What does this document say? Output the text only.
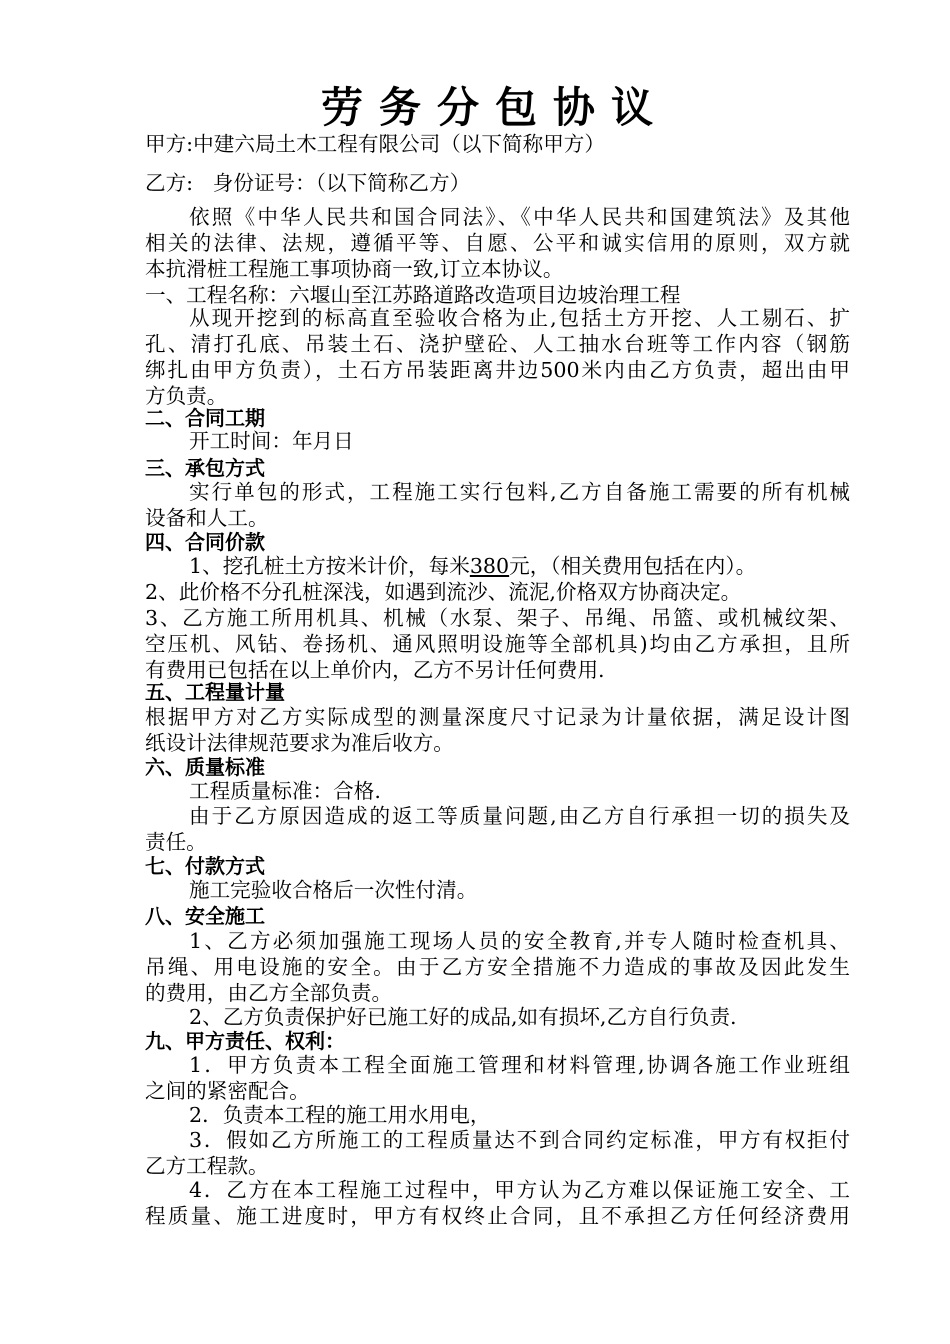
劳务分包协议
甲方:中建六局土木工程有限公司（以下简称甲方）
乙方:   身份证号：（以下简称乙方）
依照《中华人民共和国合同法》、《中华人民共和国建筑法》及其他
相关的法律、法规，遵循平等、自愿、公平和诚实信用的原则，双方就
本抗滑桩工程施工事项协商一致,订立本协议。
一、工程名称：六堰山至江苏路道路改造项目边坡治理工程
从现开挖到的标高直至验收合格为止,包括土方开挖、人工剔石、扩
孔、清打孔底、吊装土石、浇护壁砼、人工抽水台班等工作内容（钢筋
绑扎由甲方负责），土石方吊装距离井边500米内由乙方负责，超出由甲
方负责。
二、合同工期
开工时间：年月日
三、承包方式
实行单包的形式，工程施工实行包料,乙方自备施工需要的所有机械
设备和人工。
四、合同价款
1、挖孔桩土方按米计价，每米380元，（相关费用包括在内）。
2、此价格不分孔桩深浅，如遇到流沙、流泥,价格双方协商决定。
3、乙方施工所用机具、机械（水泵、架子、吊绳、吊篮、或机械纹架、
空压机、风钻、卷扬机、通风照明设施等全部机具)均由乙方承担，且所
有费用已包括在以上单价内，乙方不另计任何费用.
五、工程量计量
根据甲方对乙方实际成型的测量深度尺寸记录为计量依据，满足设计图
纸设计法律规范要求为准后收方。
六、质量标准
工程质量标准：合格.
由于乙方原因造成的返工等质量问题,由乙方自行承担一切的损失及
责任。
七、付款方式
施工完验收合格后一次性付清。
八、安全施工
1、乙方必须加强施工现场人员的安全教育,并专人随时检查机具、
吊绳、用电设施的安全。由于乙方安全措施不力造成的事故及因此发生
的费用，由乙方全部负责。
2、乙方负责保护好已施工好的成品,如有损坏,乙方自行负责.
九、甲方责任、权利：
1．甲方负责本工程全面施工管理和材料管理,协调各施工作业班组
之间的紧密配合。
2．负责本工程的施工用水用电，
3．假如乙方所施工的工程质量达不到合同约定标准，甲方有权拒付
乙方工程款。
4．乙方在本工程施工过程中，甲方认为乙方难以保证施工安全、工
程质量、施工进度时，甲方有权终止合同，且不承担乙方任何经济费用
